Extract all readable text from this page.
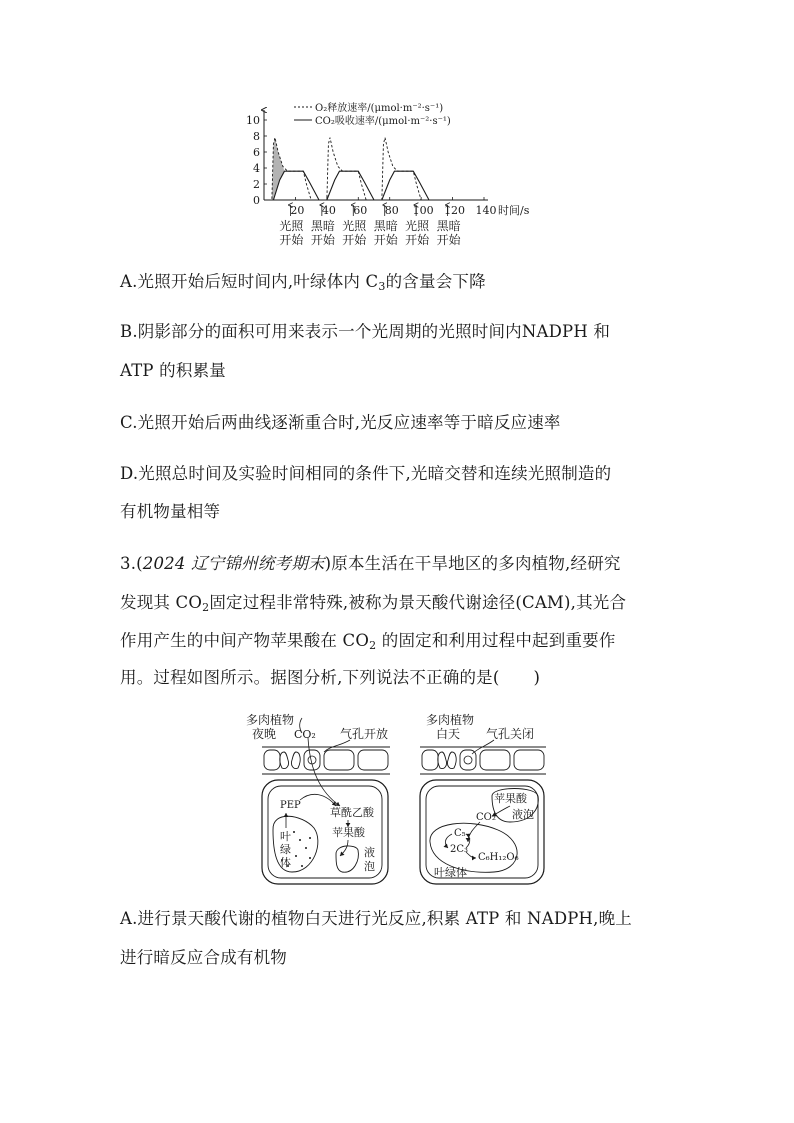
O₂释放速率/(μmol·m⁻²·s⁻¹)
CO₂吸收速率/(μmol·m⁻²·s⁻¹)
0
2
4
6
8
10
20 40 60 80 100 120 140 时间/s
光照
开始
黑暗
开始
光照
开始
黑暗
开始
光照
开始
黑暗
开始
A.光照开始后短时间内,叶绿体内 $C_3$的含量会下降
B.阴影部分的面积可用来表示一个光周期的光照时间内NADPH 和
ATP 的积累量
C.光照开始后两曲线逐渐重合时,光反应速率等于暗反应速率
D.光照总时间及实验时间相同的条件下,光暗交替和连续光照制造的
有机物量相等
3.(2024 辽宁锦州统考期末)原本生活在干旱地区的多肉植物,经研究
发现其 $CO_2$固定过程非常特殊,被称为景天酸代谢途径(CAM),其光合
作用产生的中间产物苹果酸在 $CO_2$ 的固定和利用过程中起到重要作
用。过程如图所示。据图分析,下列说法不正确的是( )
多肉植物
夜晚 CO₂ 气孔开放
叶
绿
体
液
泡
PEP
草酰乙酸
苹果酸
多肉植物
白天 气孔关闭
苹果酸
液泡
CO₂
C₅
2C₃
C₆H₁₂O₆
叶绿体
A.进行景天酸代谢的植物白天进行光反应,积累 ATP 和 NADPH,晚上
进行暗反应合成有机物
